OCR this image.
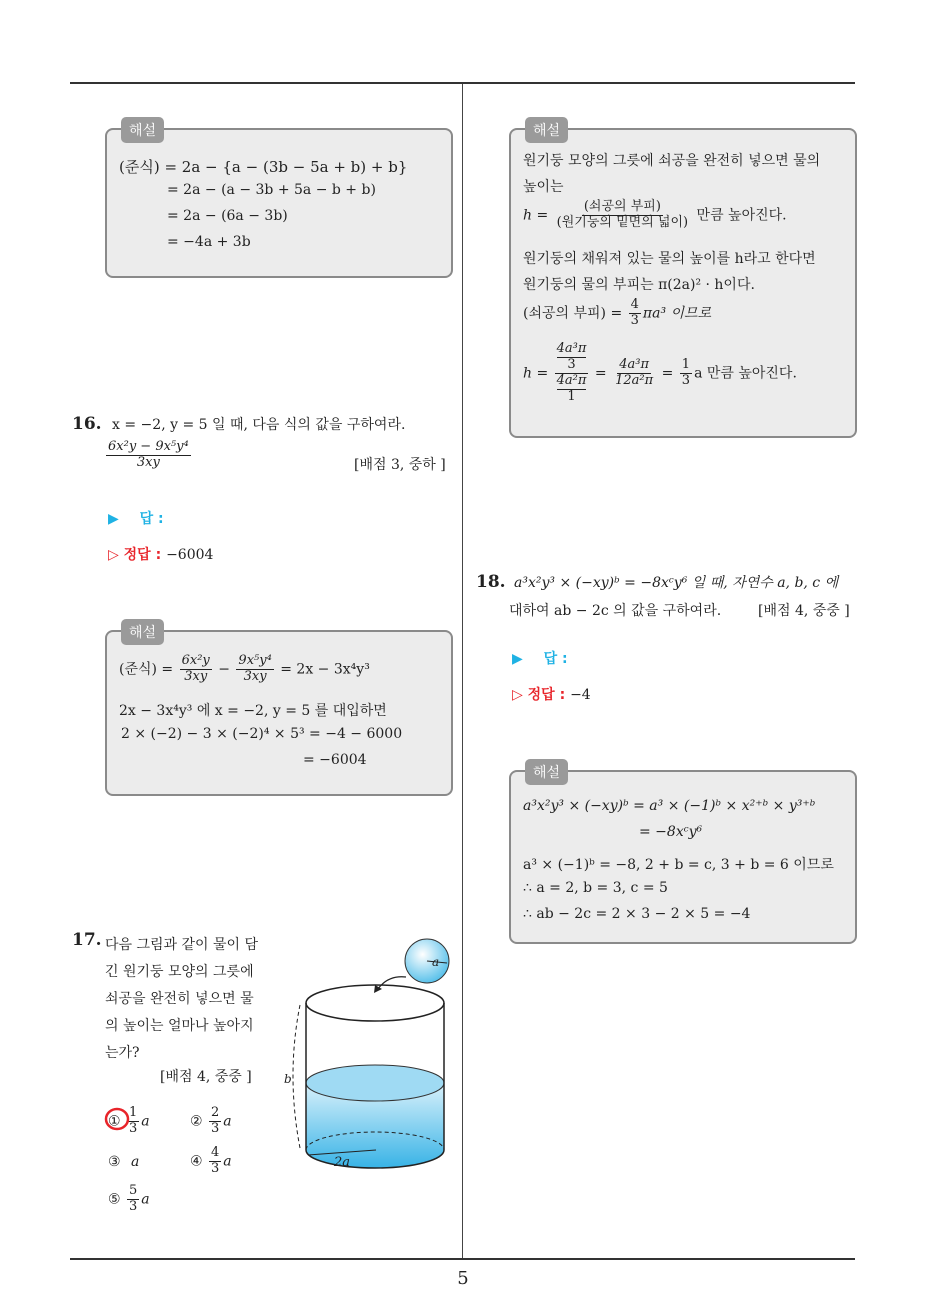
해설
(준식) = 2a − {a − (3b − 5a + b) + b}
= 2a − (a − 3b + 5a − b + b)
= 2a − (6a − 3b)
= −4a + 3b
16. x = −2, y = 5 일 때, 다음 식의 값을 구하여라.
$\frac{\text{6x²y − 9x⁵y⁴}}{3xy}$	[배점 3, 중하 ]
▶ 답 :
▷ 정답 : −6004
해설
(준식) = $\frac{\text{6x²y}}{3xy} - \frac{\text{9x⁵y⁴}}{3xy} = 2x - 3x^4y^3$
2x − 3x⁴y³ 에 x = −2, y = 5 를 대입하면
2 × (−2) − 3 × (−2)⁴ × 5³ = −4 − 6000
= −6004
17. 다음 그림과 같이 물이 담
긴 원기둥 모양의 그릇에
쇠공을 완전히 넣으면 물
의 높이는 얼마나 높아지
는가?
[배점 4, 중중 ]
① $\frac{1}{3}$ a	② $\frac{2}{3}$ a
③ a	④ $\frac{4}{3}$ a
⑤ $\frac{5}{3}$ a
a
b
2a
해설
원기둥 모양의 그릇에 쇠공을 완전히 넣으면 물의
높이는
$h = \frac{\text{(쇠공의 부피)}}{\text{(원기둥의 밑면의 넓이)}}$ 만큼 높아진다.
원기둥의 채워져 있는 물의 높이를 h라고 한다면
원기둥의 물의 부피는 π(2a)² · h이다.
(쇠공의 부피) = $\frac{4}{3} \pi a^3$ 이므로
h = 4a³π
3
4a²π
$1 = \frac{\text{4a³π}}{\text{12a²π}} = \frac{1}{3}$ a 만큼 높아진다.
18. a³x²y³ × (−xy)ᵇ = −8xᶜy⁶ 일 때, 자연수 a, b, c 에
대하여 ab − 2c 의 값을 구하여라.	[배점 4, 중중 ]
▶ 답 :
▷ 정답 : −4
해설
a³x²y³ × (−xy)ᵇ = a³ × (−1)ᵇ × x²⁺ᵇ × y³⁺ᵇ
= −8xᶜy⁶
a³ × (−1)ᵇ = −8, 2 + b = c, 3 + b = 6 이므로
∴ a = 2, b = 3, c = 5
∴ ab − 2c = 2 × 3 − 2 × 5 = −4
5
